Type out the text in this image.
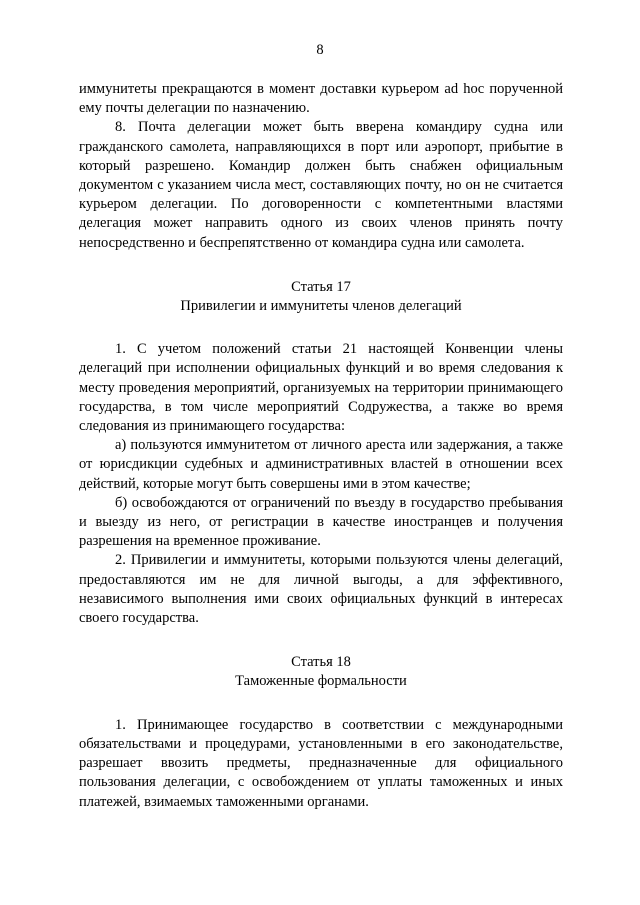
8

иммунитеты прекращаются в момент доставки курьером ad hoc порученной ему почты делегации по назначению.

8. Почта делегации может быть вверена командиру судна или гражданского самолета, направляющихся в порт или аэропорт, прибытие в который разрешено. Командир должен быть снабжен официальным документом с указанием числа мест, составляющих почту, но он не считается курьером делегации. По договоренности с компетентными властями делегация может направить одного из своих членов принять почту непосредственно и беспрепятственно от командира судна или самолета.

Статья 17

Привилегии и иммунитеты членов делегаций

1. С учетом положений статьи 21 настоящей Конвенции члены делегаций при исполнении официальных функций и во время следования к месту проведения мероприятий, организуемых на территории принимающего государства, в том числе мероприятий Содружества, а также во время следования из принимающего государства:

а) пользуются иммунитетом от личного ареста или задержания, а также от юрисдикции судебных и административных властей в отношении всех действий, которые могут быть совершены ими в этом качестве;

б) освобождаются от ограничений по въезду в государство пребывания и выезду из него, от регистрации в качестве иностранцев и получения разрешения на временное проживание.

2. Привилегии и иммунитеты, которыми пользуются члены делегаций, предоставляются им не для личной выгоды, а для эффективного, независимого выполнения ими своих официальных функций в интересах своего государства.

Статья 18

Таможенные формальности

1. Принимающее государство в соответствии с международными обязательствами и процедурами, установленными в его законодательстве, разрешает ввозить предметы, предназначенные для официального пользования делегации, с освобождением от уплаты таможенных и иных платежей, взимаемых таможенными органами.
